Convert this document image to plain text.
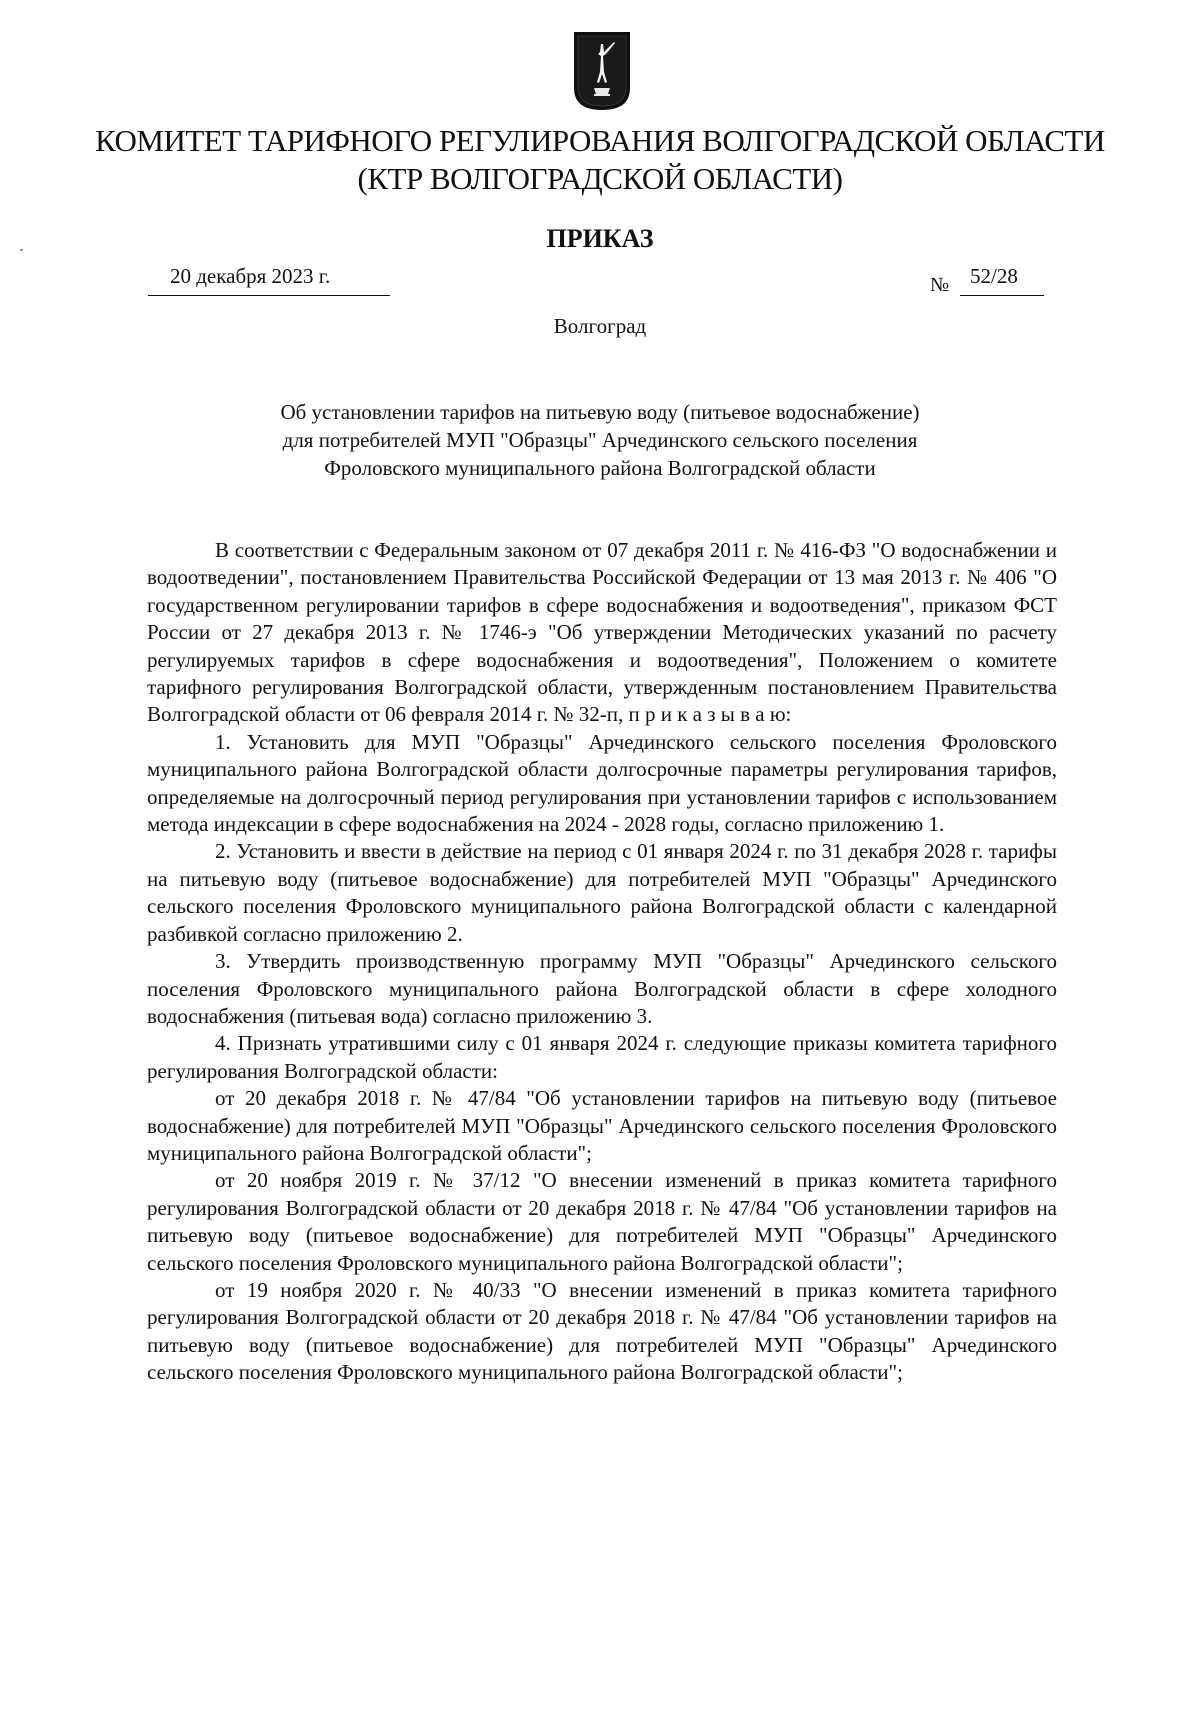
КОМИТЕТ ТАРИФНОГО РЕГУЛИРОВАНИЯ ВОЛГОГРАДСКОЙ ОБЛАСТИ
(КТР ВОЛГОГРАДСКОЙ ОБЛАСТИ)
ПРИКАЗ
20 декабря 2023 г.	№ 52/28
Волгоград
Об установлении тарифов на питьевую воду (питьевое водоснабжение)
для потребителей МУП "Образцы" Арчединского сельского поселения
Фроловского муниципального района Волгоградской области

В соответствии с Федеральным законом от 07 декабря 2011 г. № 416-ФЗ "О водоснабжении и водоотведении", постановлением Правительства Российской Федерации от 13 мая 2013 г. № 406 "О государственном регулировании тарифов в сфере водоснабжения и водоотведения", приказом ФСТ России от 27 декабря 2013 г. № 1746-э "Об утверждении Методических указаний по расчету регулируемых тарифов в сфере водоснабжения и водоотведения", Положением о комитете тарифного регулирования Волгоградской области, утвержденным постановлением Правительства Волгоградской области от 06 февраля 2014 г. № 32-п, п р и к а з ы в а ю:

1. Установить для МУП "Образцы" Арчединского сельского поселения Фроловского муниципального района Волгоградской области долгосрочные параметры регулирования тарифов, определяемые на долгосрочный период регулирования при установлении тарифов с использованием метода индексации в сфере водоснабжения на 2024 - 2028 годы, согласно приложению 1.

2. Установить и ввести в действие на период с 01 января 2024 г. по 31 декабря 2028 г. тарифы на питьевую воду (питьевое водоснабжение) для потребителей МУП "Образцы" Арчединского сельского поселения Фроловского муниципального района Волгоградской области с календарной разбивкой согласно приложению 2.

3. Утвердить производственную программу МУП "Образцы" Арчединского сельского поселения Фроловского муниципального района Волгоградской области в сфере холодного водоснабжения (питьевая вода) согласно приложению 3.

4. Признать утратившими силу с 01 января 2024 г. следующие приказы комитета тарифного регулирования Волгоградской области:

от 20 декабря 2018 г. № 47/84 "Об установлении тарифов на питьевую воду (питьевое водоснабжение) для потребителей МУП "Образцы" Арчединского сельского поселения Фроловского муниципального района Волгоградской области";

от 20 ноября 2019 г. № 37/12 "О внесении изменений в приказ комитета тарифного регулирования Волгоградской области от 20 декабря 2018 г. № 47/84 "Об установлении тарифов на питьевую воду (питьевое водоснабжение) для потребителей МУП "Образцы" Арчединского сельского поселения Фроловского муниципального района Волгоградской области";

от 19 ноября 2020 г. № 40/33 "О внесении изменений в приказ комитета тарифного регулирования Волгоградской области от 20 декабря 2018 г. № 47/84 "Об установлении тарифов на питьевую воду (питьевое водоснабжение) для потребителей МУП "Образцы" Арчединского сельского поселения Фроловского муниципального района Волгоградской области";
